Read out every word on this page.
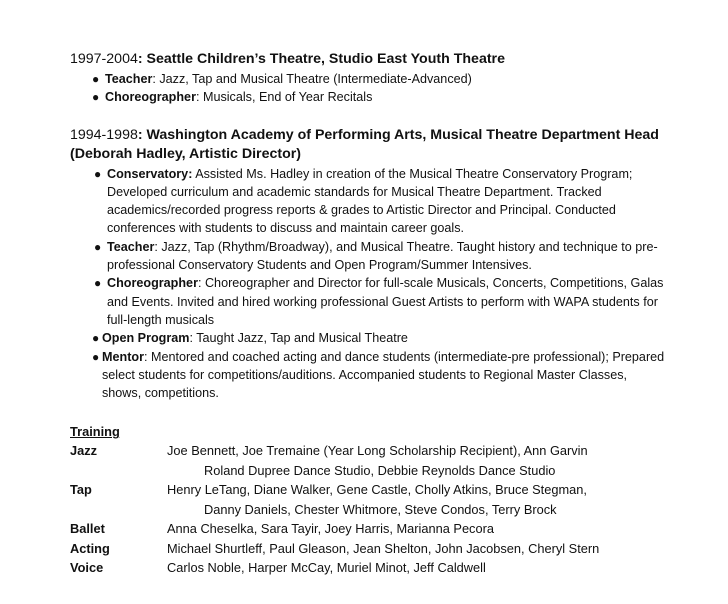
1997-2004: Seattle Children’s Theatre, Studio East Youth Theatre

● Teacher: Jazz, Tap and Musical Theatre (Intermediate-Advanced)
● Choreographer: Musicals, End of Year Recitals

1994-1998: Washington Academy of Performing Arts, Musical Theatre Department Head (Deborah Hadley, Artistic Director)

● Conservatory: Assisted Ms. Hadley in creation of the Musical Theatre Conservatory Program; Developed curriculum and academic standards for Musical Theatre Department. Tracked academics/recorded progress reports & grades to Artistic Director and Principal. Conducted conferences with students to discuss and maintain career goals.
● Teacher: Jazz, Tap (Rhythm/Broadway), and Musical Theatre. Taught history and technique to pre-professional Conservatory Students and Open Program/Summer Intensives.
● Choreographer: Choreographer and Director for full-scale Musicals, Concerts, Competitions, Galas and Events. Invited and hired working professional Guest Artists to perform with WAPA students for full-length musicals
● Open Program: Taught Jazz, Tap and Musical Theatre
● Mentor: Mentored and coached acting and dance students (intermediate-pre professional); Prepared select students for competitions/auditions. Accompanied students to Regional Master Classes, shows, competitions.
Training
Jazz	Joe Bennett, Joe Tremaine (Year Long Scholarship Recipient), Ann Garvin
Roland Dupree Dance Studio, Debbie Reynolds Dance Studio
Tap	Henry LeTang, Diane Walker, Gene Castle, Cholly Atkins, Bruce Stegman,
Danny Daniels, Chester Whitmore, Steve Condos, Terry Brock
Ballet	Anna Cheselka, Sara Tayir, Joey Harris, Marianna Pecora
Acting	Michael Shurtleff, Paul Gleason, Jean Shelton, John Jacobsen, Cheryl Stern
Voice	Carlos Noble, Harper McCay, Muriel Minot, Jeff Caldwell
